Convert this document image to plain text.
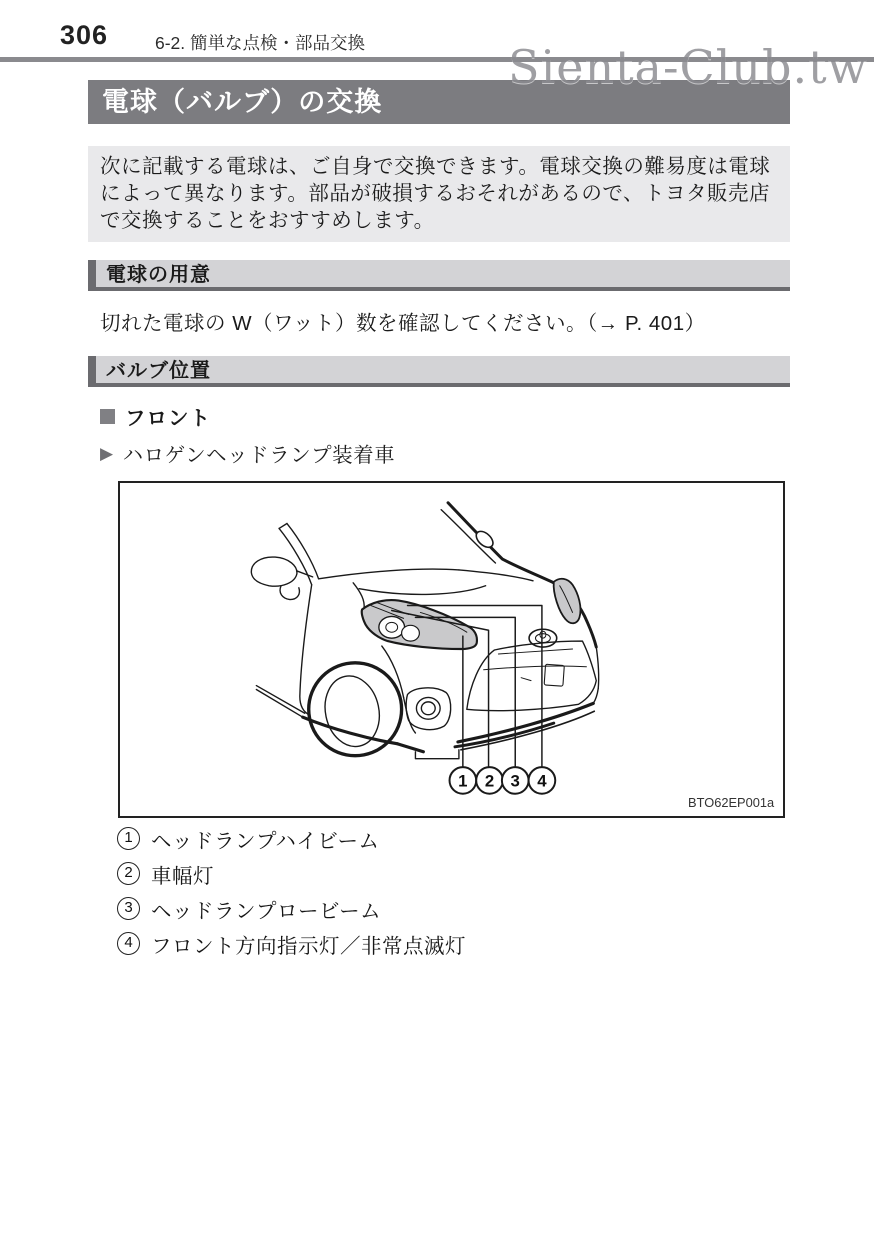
306	6-2. 簡単な点検・部品交換	Sienta-Club.tw
電球（バルブ）の交換
次に記載する電球は、ご自身で交換できます。電球交換の難易度は電球によって異なります。部品が破損するおそれがあるので、トヨタ販売店で交換することをおすすめします。
電球の用意
切れた電球の W（ワット）数を確認してください。（→ P. 401）
バルブ位置
フロント
▶ ハロゲンヘッドランプ装着車
1 2 3 4
BTO62EP001a
1 ヘッドランプハイビーム
2 車幅灯
3 ヘッドランプロービーム
4 フロント方向指示灯／非常点滅灯
